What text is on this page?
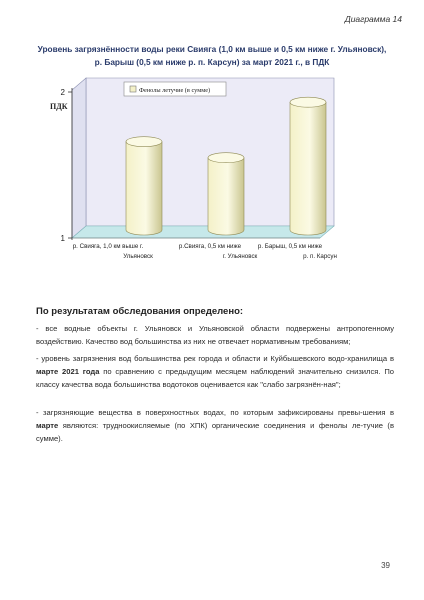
Диаграмма 14
Уровень загрязнённости воды реки Свияга (1,0 км выше и 0,5 км ниже г. Ульяновск),
р. Барыш (0,5 км ниже р. п. Карсун) за март 2021 г., в ПДК
1
2
ПДК
Фенолы летучие (в сумме)
р. Свияга, 1,0 км выше г.
Ульяновск
р.Свияга, 0,5 км ниже
г. Ульяновск
р. Барыш, 0,5 км ниже
р. п. Карсун
По результатам обследования определено:
- все водные объекты г. Ульяновск и Ульяновской области подвержены антропогенному воздействию. Качество вод большинства из них не отвечает нормативным требованиям;
- уровень загрязнения вод большинства рек города и области и Куйбышевского водо-хранилища в марте 2021 года по сравнению с предыдущим месяцем наблюдений значительно снизился. По классу качества вода большинства водотоков оценивается как "слабо загрязнён-ная";
- загрязняющие вещества в поверхностных водах, по которым зафиксированы превы-шения в марте являются: трудноокисляемые (по ХПК) органические соединения и фенолы ле-тучие (в сумме).
39
